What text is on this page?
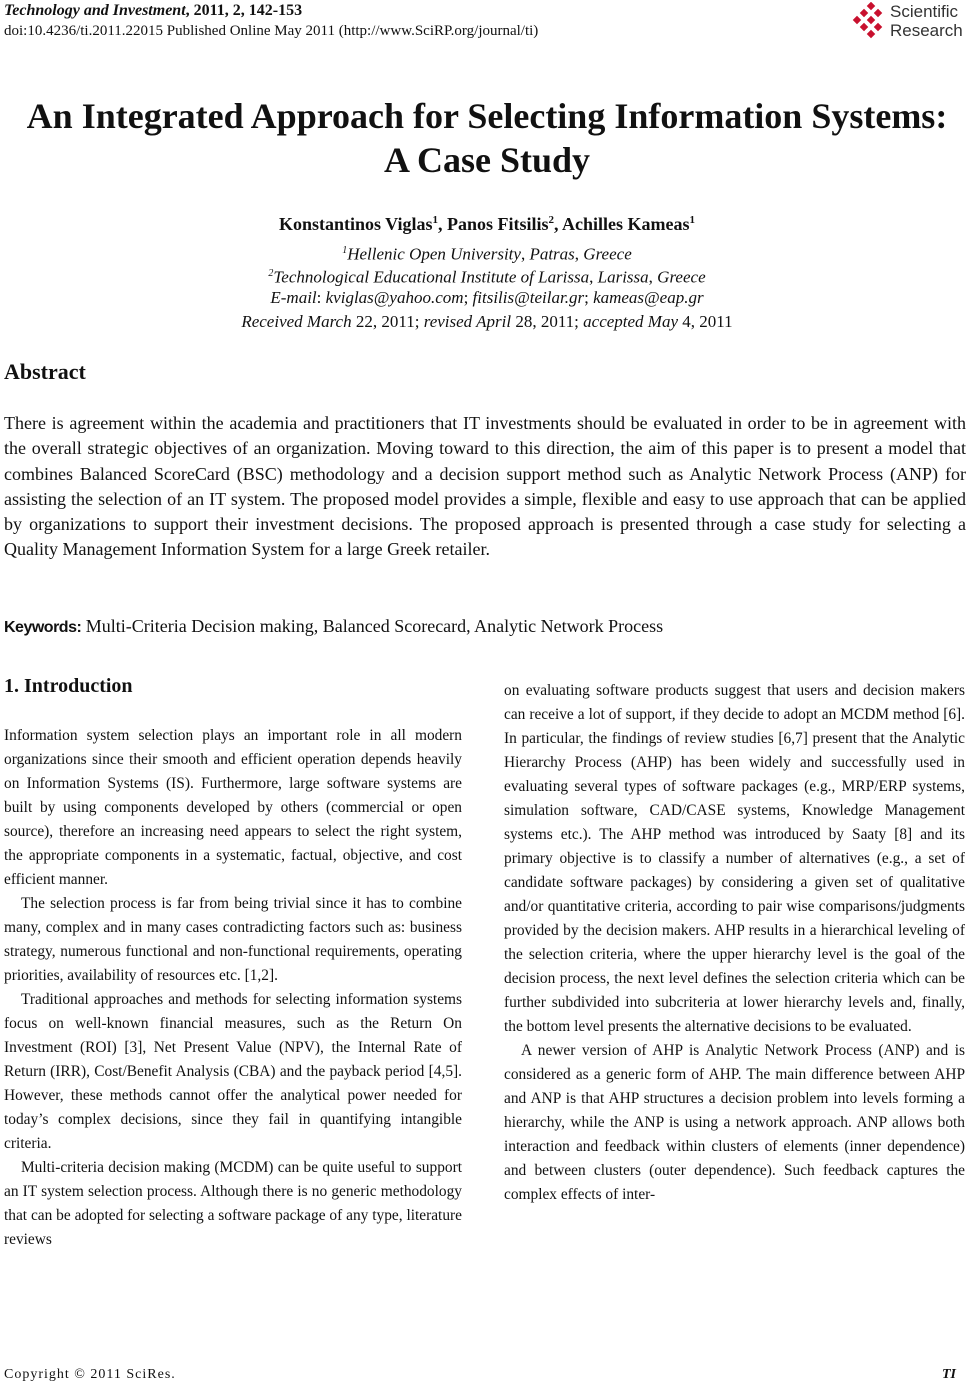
Technology and Investment, 2011, 2, 142-153
doi:10.4236/ti.2011.22015 Published Online May 2011 (http://www.SciRP.org/journal/ti)
Scientific
Research
An Integrated Approach for Selecting Information Systems:
A Case Study
Konstantinos Viglas$^1$, Panos Fitsilis$^2$, Achilles Kameas$^1$
$^1$Hellenic Open University, Patras, Greece
$^2$Technological Educational Institute of Larissa, Larissa, Greece
E-mail: kviglas@yahoo.com; fitsilis@teilar.gr; kameas@eap.gr
Received March 22, 2011; revised April 28, 2011; accepted May 4, 2011
Abstract
There is agreement within the academia and practitioners that IT investments should be evaluated in order to be in agreement with the overall strategic objectives of an organization. Moving toward to this direction, the aim of this paper is to present a model that combines Balanced ScoreCard (BSC) methodology and a decision support method such as Analytic Network Process (ANP) for assisting the selection of an IT system. The proposed model provides a simple, flexible and easy to use approach that can be applied by organizations to support their investment decisions. The proposed approach is presented through a case study for selecting a Quality Management Information System for a large Greek retailer.
Keywords: Multi-Criteria Decision making, Balanced Scorecard, Analytic Network Process
1. Introduction

Information system selection plays an important role in all modern organizations since their smooth and efficient operation depends heavily on Information Systems (IS). Furthermore, large software systems are built by using components developed by others (commercial or open source), therefore an increasing need appears to select the right system, the appropriate components in a systematic, factual, objective, and cost efficient manner.

The selection process is far from being trivial since it has to combine many, complex and in many cases contradicting factors such as: business strategy, numerous functional and non-functional requirements, operating priorities, availability of resources etc. [1,2].

Traditional approaches and methods for selecting information systems focus on well-known financial measures, such as the Return On Investment (ROI) [3], Net Present Value (NPV), the Internal Rate of Return (IRR), Cost/Benefit Analysis (CBA) and the payback period [4,5]. However, these methods cannot offer the analytical power needed for today’s complex decisions, since they fail in quantifying intangible criteria.

Multi-criteria decision making (MCDM) can be quite useful to support an IT system selection process. Although there is no generic methodology that can be adopted for selecting a software package of any type, literature reviews

on evaluating software products suggest that users and decision makers can receive a lot of support, if they decide to adopt an MCDM method [6]. In particular, the findings of review studies [6,7] present that the Analytic Hierarchy Process (AHP) has been widely and successfully used in evaluating several types of software packages (e.g., MRP/ERP systems, simulation software, CAD/CASE systems, Knowledge Management systems etc.). The AHP method was introduced by Saaty [8] and its primary objective is to classify a number of alternatives (e.g., a set of candidate software packages) by considering a given set of qualitative and/or quantitative criteria, according to pair wise comparisons/judgments provided by the decision makers. AHP results in a hierarchical leveling of the selection criteria, where the upper hierarchy level is the goal of the decision process, the next level defines the selection criteria which can be further subdivided into subcriteria at lower hierarchy levels and, finally, the bottom level presents the alternative decisions to be evaluated.

A newer version of AHP is Analytic Network Process (ANP) and is considered as a generic form of AHP. The main difference between AHP and ANP is that AHP structures a decision problem into levels forming a hierarchy, while the ANP is using a network approach. ANP allows both interaction and feedback within clusters of elements (inner dependence) and between clusters (outer dependence). Such feedback captures the complex effects of inter-

Copyright © 2011 SciRes.	TI
